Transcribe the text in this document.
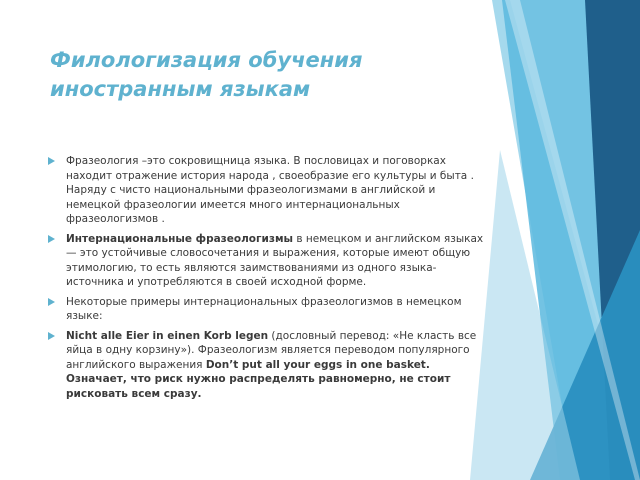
Филологизация обучения иностранным языкам
Фразеология –это сокровищница языка. В пословицах и поговорках находит отражение история народа , своеобразие его культуры и быта . Наряду с чисто национальными фразеологизмами в английской и немецкой фразеологии имеется много интернациональных фразеологизмов .
Интернациональные фразеологизмы в немецком и английском языках — это устойчивые словосочетания и выражения, которые имеют общую этимологию, то есть являются заимствованиями из одного языка-источника и употребляются в своей исходной форме.
Некоторые примеры интернациональных фразеологизмов в немецком языке:
Nicht alle Eier in einen Korb legen (дословный перевод: «Не класть все яйца в одну корзину»). Фразеологизм является переводом популярного английского выражения Don’t put all your eggs in one basket. Означает, что риск нужно распределять равномерно, не стоит рисковать всем сразу.
